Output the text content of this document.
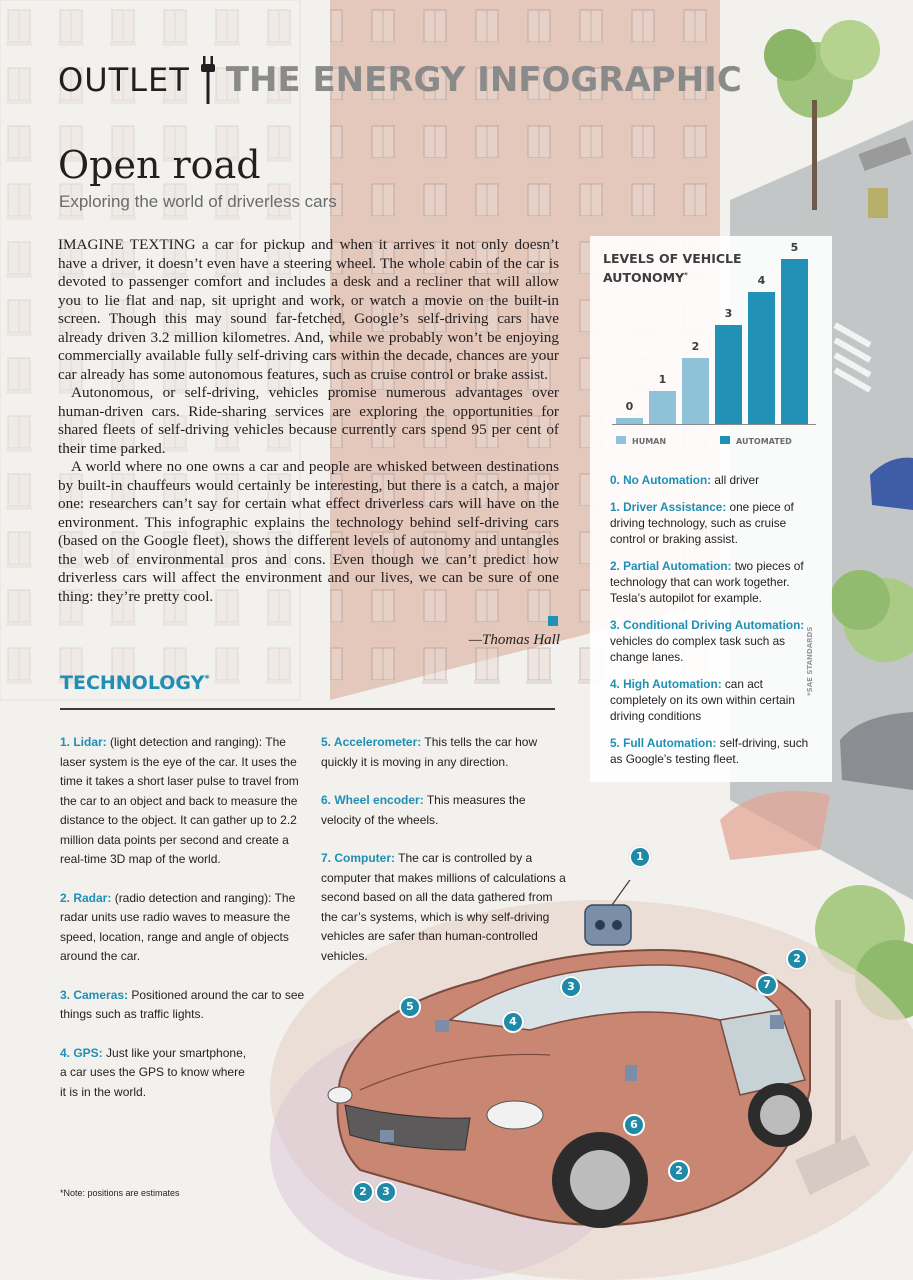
OUTLET THE ENERGY INFOGRAPHIC
Open road
Exploring the world of driverless cars

IMAGINE TEXTING a car for pickup and when it arrives it not only doesn’t have a driver, it doesn’t even have a steering wheel. The whole cabin of the car is devoted to passenger comfort and includes a desk and a recliner that will allow you to lie flat and nap, sit upright and work, or watch a movie on the built-in screen. Though this may sound far-fetched, Google’s self-driving cars have already driven 3.2 million kilometres. And, while we probably won’t be enjoying commercially available fully self-driving cars within the decade, chances are your car already has some autonomous features, such as cruise control or brake assist.

Autonomous, or self-driving, vehicles promise numerous advantages over human-driven cars. Ride-sharing services are exploring the opportunities for shared fleets of self-driving vehicles because currently cars spend 95 per cent of their time parked.

A world where no one owns a car and people are whisked between destinations by built-in chauffeurs would certainly be interesting, but there is a catch, a major one: researchers can’t say for certain what effect driverless cars will have on the environment. This infographic explains the technology behind self-driving cars (based on the Google fleet), shows the different levels of autonomy and untangles the web of environmental pros and cons. Even though we can’t predict how driverless cars will affect the environment and our lives, we can be sure of one thing: they’re pretty cool.

—Thomas Hall
TECHNOLOGY*
1. Lidar: (light detection and ranging): The laser system is the eye of the car. It uses the time it takes a short laser pulse to travel from the car to an object and back to measure the distance to the object. It can gather up to 2.2 million data points per second and create a real-time 3D map of the world.
2. Radar: (radio detection and ranging): The radar units use radio waves to measure the speed, location, range and angle of objects around the car.
3. Cameras: Positioned around the car to see things such as traffic lights.
4. GPS: Just like your smartphone, a car uses the GPS to know where it is in the world.
5. Accelerometer: This tells the car how quickly it is moving in any direction.
6. Wheel encoder: This measures the velocity of the wheels.
7. Computer: The car is controlled by a computer that makes millions of calculations a second based on all the data gathered from the car’s systems, which is why self-driving vehicles are safer than human-controlled vehicles.
*Note: positions are estimates
LEVELS OF VEHICLE AUTONOMY*
0
1
2
3
4
5
HUMAN	AUTOMATED
0. No Automation: all driver
1. Driver Assistance: one piece of driving technology, such as cruise control or braking assist.
2. Partial Automation: two pieces of technology that can work together. Tesla’s autopilot for example.
3. Conditional Driving Automation: vehicles do complex task such as change lanes.
4. High Automation: can act completely on its own within certain driving conditions
5. Full Automation: self-driving, such as Google’s testing fleet.
*SAE STANDARDS
1
2
2
2
3
3
7
4
5
6
